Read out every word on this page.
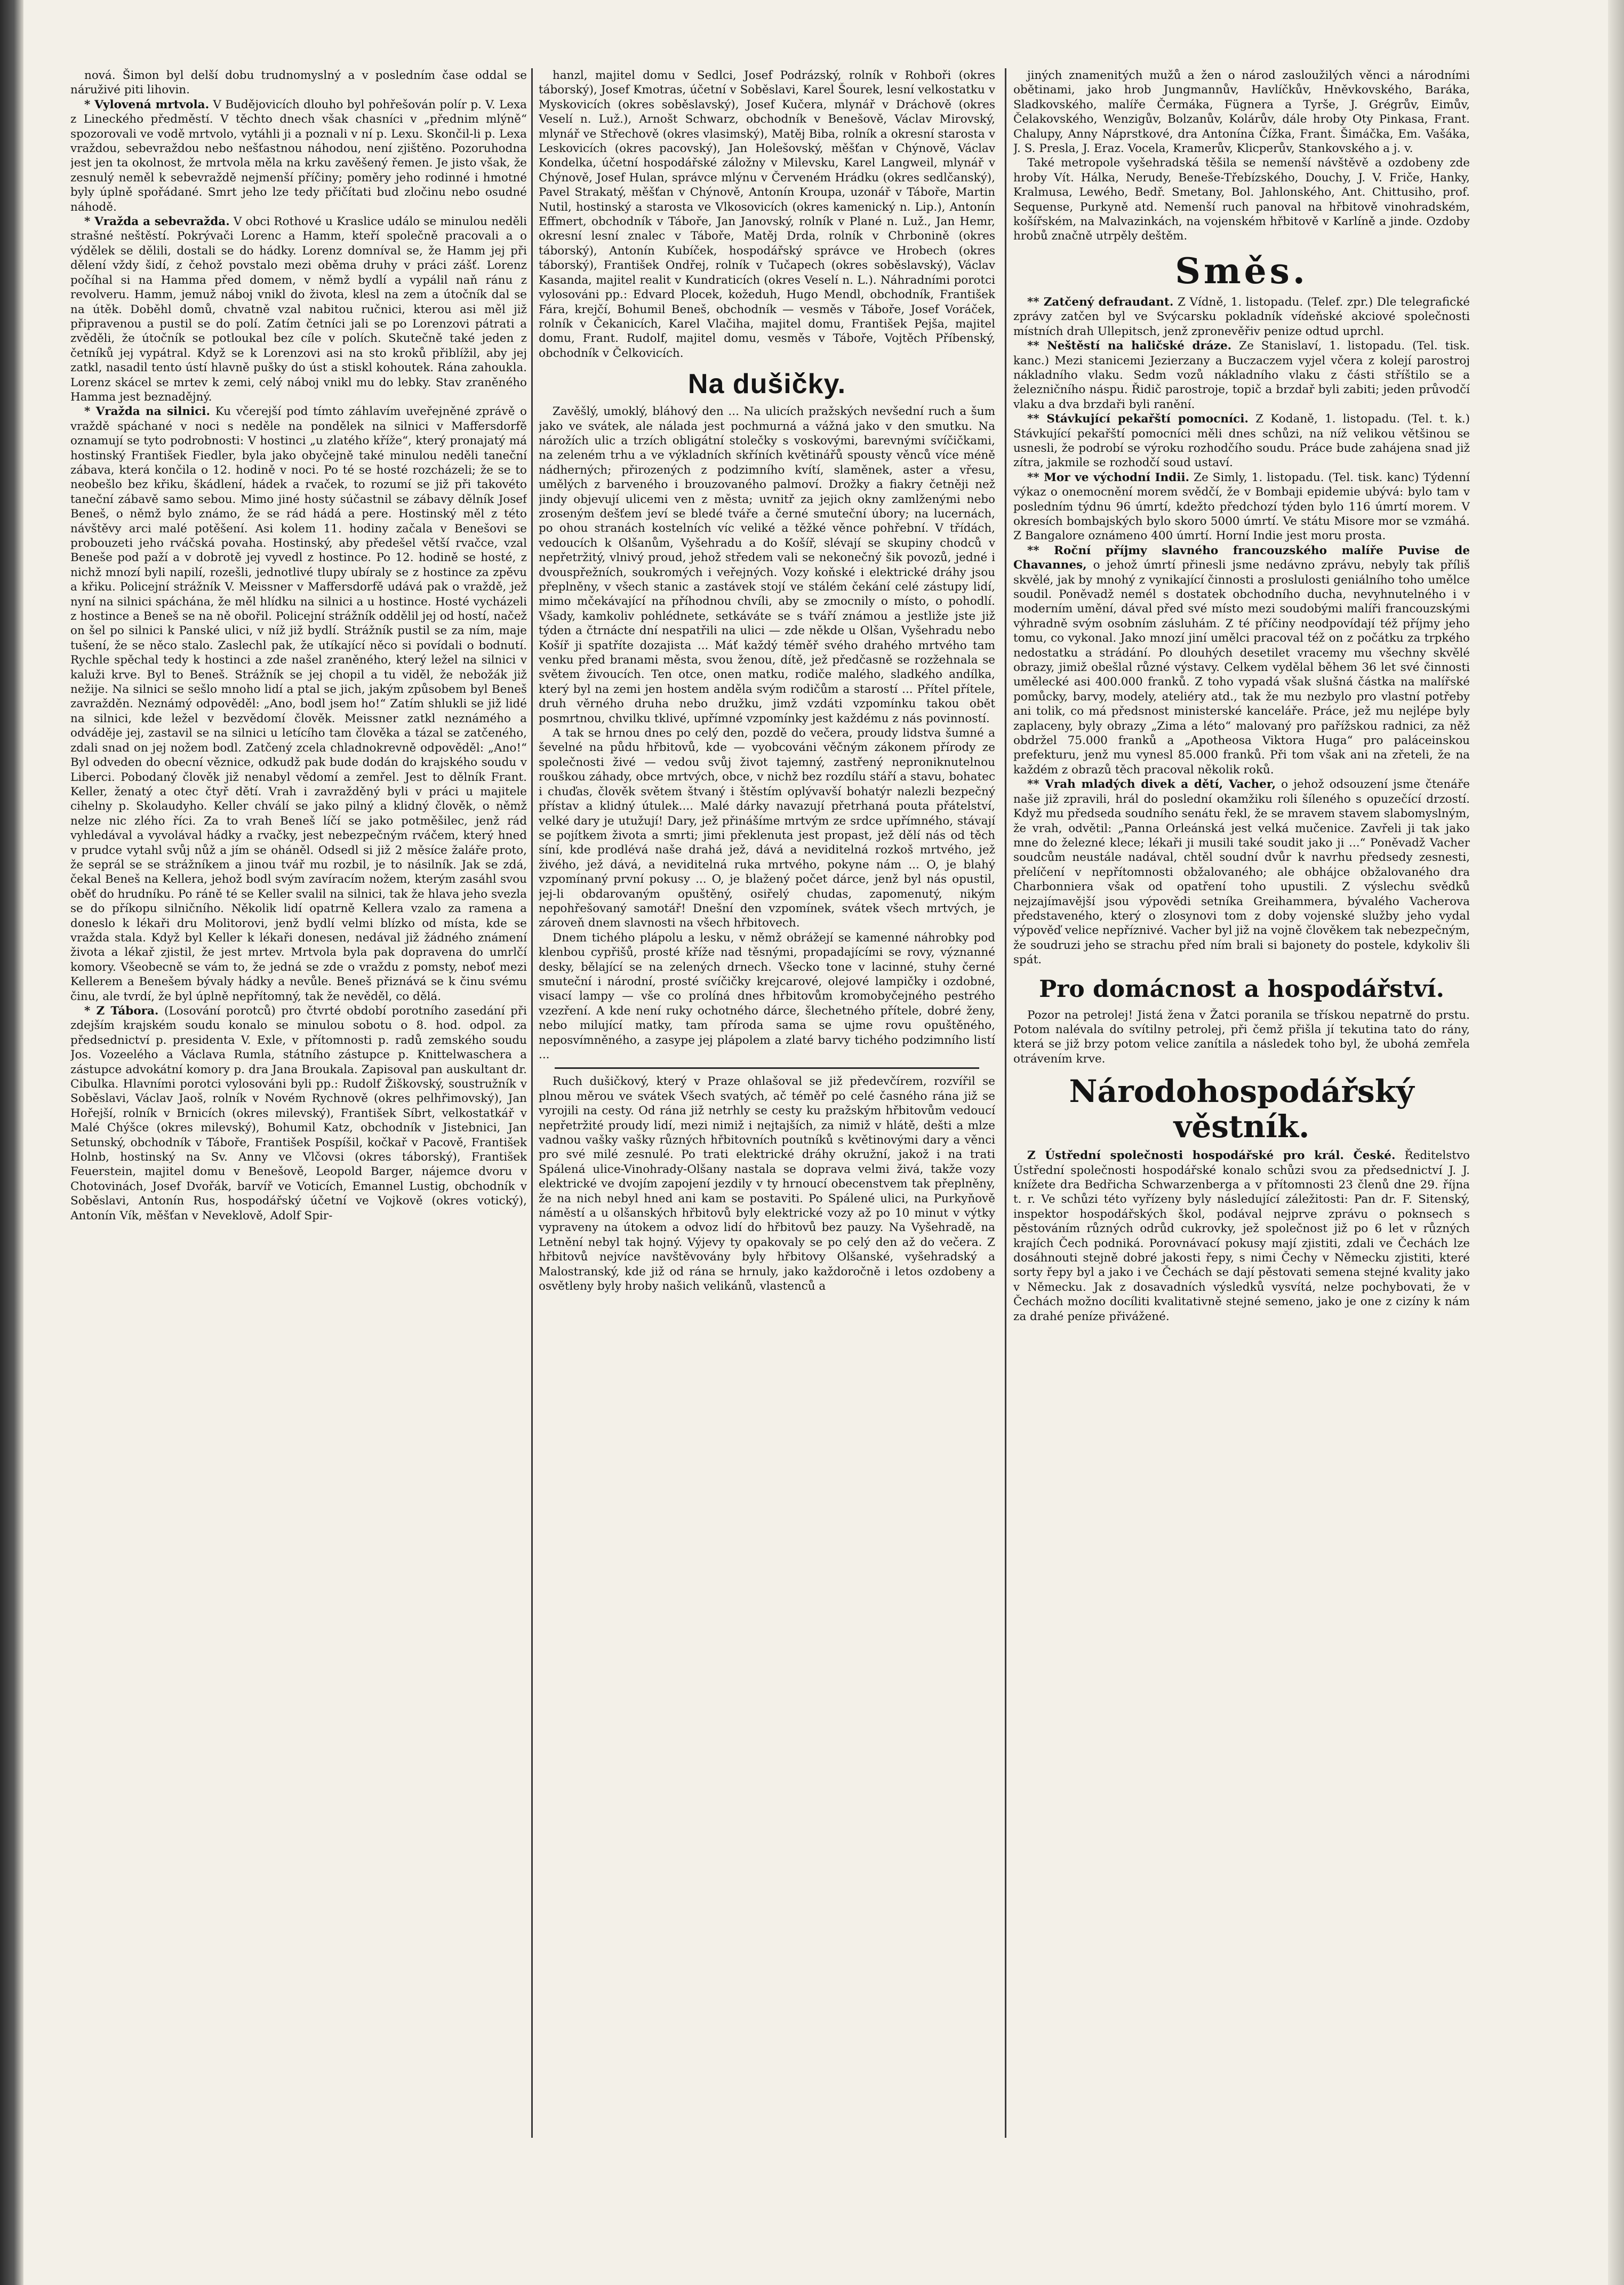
nová. Šimon byl delší dobu trudnomyslný a v posledním čase oddal se náruživé piti lihovin.

* Vylovená mrtvola. V Budějovicích dlouho byl pohřešován polír p. V. Lexa z Lineckého předměstí. V těchto dnech však chasníci v „přednim mlýně“ spozorovali ve vodě mrtvolo, vytáhli ji a poznali v ní p. Lexu. Skončil-li p. Lexa vraždou, sebevraždou nebo nešťastnou náhodou, není zjištěno. Pozoruhodna jest jen ta okolnost, že mrtvola měla na krku zavěšený řemen. Je jisto však, že zesnulý neměl k sebevraždě nejmenší příčiny; poměry jeho rodinné i hmotné byly úplně spořádané. Smrt jeho lze tedy přičítati bud zločinu nebo osudné náhodě.

* Vražda a sebevražda. V obci Rothové u Kraslice událo se minulou neděli strašné neštěstí. Pokrývači Lorenc a Hamm, kteří společně pracovali a o výdělek se dělili, dostali se do hádky. Lorenz domníval se, že Hamm jej při dělení vždy šidí, z čehož povstalo mezi oběma druhy v práci zášť. Lorenz počíhal si na Hamma před domem, v němž bydlí a vypálil naň ránu z revolveru. Hamm, jemuž náboj vnikl do života, klesl na zem a útočník dal se na útěk. Doběhl domů, chvatně vzal nabitou ručnici, kterou asi měl již připravenou a pustil se do polí. Zatím četníci jali se po Lorenzovi pátrati a zvěděli, že útočník se potloukal bez cíle v polích. Skutečně také jeden z četníků jej vypátral. Když se k Lorenzovi asi na sto kroků přiblížil, aby jej zatkl, nasadil tento ústí hlavně pušky do úst a stiskl kohoutek. Rána zahoukla. Lorenz skácel se mrtev k zemi, celý náboj vnikl mu do lebky. Stav zraněného Hamma jest beznadějný.

* Vražda na silnici. Ku včerejší pod tímto záhlavím uveřejněné zprávě o vraždě spáchané v noci s neděle na pondělek na silnici v Maffersdorfě oznamují se tyto podrobnosti: V hostinci „u zlatého kříže“, který pronajatý má hostinský František Fiedler, byla jako obyčejně také minulou neděli taneční zábava, která končila o 12. hodině v noci. Po té se hosté rozcházeli; že se to neobešlo bez křiku, škádlení, hádek a rvaček, to rozumí se již při takovéto taneční zábavě samo sebou. Mimo jiné hosty súčastnil se zábavy dělník Josef Beneš, o němž bylo známo, že se rád hádá a pere. Hostinský měl z této návštěvy arci malé potěšení. Asi kolem 11. hodiny začala v Benešovi se probouzeti jeho rváčská povaha. Hostinský, aby předešel větší rvačce, vzal Beneše pod paží a v dobrotě jej vyvedl z hostince. Po 12. hodině se hosté, z nichž mnozí byli napilí, rozešli, jednotlivé tlupy ubíraly se z hostince za zpěvu a křiku. Policejní strážník V. Meissner v Maffersdorfě udává pak o vraždě, jež nyní na silnici spáchána, že měl hlídku na silnici a u hostince. Hosté vycházeli z hostince a Beneš se na ně obořil. Policejní strážník oddělil jej od hostí, načež on šel po silnici k Panské ulici, v níž již bydlí. Strážník pustil se za ním, maje tušení, že se něco stalo. Zaslechl pak, že utíkající něco si povídali o bodnutí. Rychle spěchal tedy k hostinci a zde našel zraněného, který ležel na silnici v kaluži krve. Byl to Beneš. Strážník se jej chopil a tu viděl, že nebožák již nežije. Na silnici se sešlo mnoho lidí a ptal se jich, jakým způsobem byl Beneš zavražděn. Neznámý odpověděl: „Ano, bodl jsem ho!“ Zatím shlukli se již lidé na silnici, kde ležel v bezvědomí člověk. Meissner zatkl neznámého a odváděje jej, zastavil se na silnici u letícího tam člověka a tázal se zatčeného, zdali snad on jej nožem bodl. Zatčený zcela chladnokrevně odpověděl: „Ano!“ Byl odveden do obecní věznice, odkudž pak bude dodán do krajského soudu v Liberci. Pobodaný člověk již nenabyl vědomí a zemřel. Jest to dělník Frant. Keller, ženatý a otec čtyř dětí. Vrah i zavražděný byli v práci u majitele cihelny p. Skolaudyho. Keller chválí se jako pilný a klidný člověk, o němž nelze nic zlého říci. Za to vrah Beneš líčí se jako potměšilec, jenž rád vyhledával a vyvolával hádky a rvačky, jest nebezpečným rváčem, který hned v prudce vytahl svůj nůž a jím se oháněl. Odsedl si již 2 měsíce žaláře proto, že seprál se se strážníkem a jinou tvář mu rozbil, je to násilník. Jak se zdá, čekal Beneš na Kellera, jehož bodl svým zavíracím nožem, kterým zasáhl svou oběť do hrudníku. Po ráně té se Keller svalil na silnici, tak že hlava jeho svezla se do příkopu silničního. Několik lidí opatrně Kellera vzalo za ramena a doneslo k lékaři dru Molitorovi, jenž bydlí velmi blízko od místa, kde se vražda stala. Když byl Keller k lékaři donesen, nedával již žádného známení života a lékař zjistil, že jest mrtev. Mrtvola byla pak dopravena do umrlčí komory. Všeobecně se vám to, že jedná se zde o vraždu z pomsty, neboť mezi Kellerem a Benešem bývaly hádky a nevůle. Beneš přiznává se k činu svému činu, ale tvrdí, že byl úplně nepřítomný, tak že nevěděl, co dělá.

* Z Tábora. (Losování porotců) pro čtvrté období porotního zasedání při zdejším krajském soudu konalo se minulou sobotu o 8. hod. odpol. za předsednictví p. presidenta V. Exle, v přítomnosti p. radů zemského soudu Jos. Vozeelého a Václava Rumla, státního zástupce p. Knittelwaschera a zástupce advokátní komory p. dra Jana Broukala. Zapisoval pan auskultant dr. Cibulka. Hlavními porotci vylosováni byli pp.: Rudolf Žiškovský, soustružník v Soběslavi, Václav Jaoš, rolník v Novém Rychnově (okres pelhřimovský), Jan Hořejší, rolník v Brnicích (okres milevský), František Síbrt, velkostatkář v Malé Chýšce (okres milevský), Bohumil Katz, obchodník v Jistebnici, Jan Setunský, obchodník v Táboře, František Pospíšil, kočkař v Pacově, František Holnb, hostinský na Sv. Anny ve Vlčovsi (okres táborský), František Feuerstein, majitel domu v Benešově, Leopold Barger, nájemce dvoru v Chotovinách, Josef Dvořák, barvíř ve Voticích, Emannel Lustig, obchodník v Soběslavi, Antonín Rus, hospodářský účetní ve Vojkově (okres votický), Antonín Vík, měšťan v Neveklově, Adolf Spir-

hanzl, majitel domu v Sedlci, Josef Podrázský, rolník v Rohboři (okres táborský), Josef Kmotras, účetní v Soběslavi, Karel Šourek, lesní velkostatku v Myskovicích (okres soběslavský), Josef Kučera, mlynář v Dráchově (okres Veselí n. Luž.), Arnošt Schwarz, obchodník v Benešově, Václav Mirovský, mlynář ve Střechově (okres vlasimský), Matěj Biba, rolník a okresní starosta v Leskovicích (okres pacovský), Jan Holešovský, měšťan v Chýnově, Václav Kondelka, účetní hospodářské záložny v Milevsku, Karel Langweil, mlynář v Chýnově, Josef Hulan, správce mlýnu v Červeném Hrádku (okres sedlčanský), Pavel Strakatý, měšťan v Chýnově, Antonín Kroupa, uzonář v Táboře, Martin Nutil, hostinský a starosta ve Vlkosovicích (okres kamenický n. Lip.), Antonín Effmert, obchodník v Táboře, Jan Janovský, rolník v Plané n. Luž., Jan Hemr, okresní lesní znalec v Táboře, Matěj Drda, rolník v Chrbonině (okres táborský), Antonín Kubíček, hospodářský správce ve Hrobech (okres táborský), František Ondřej, rolník v Tučapech (okres soběslavský), Václav Kasanda, majitel realit v Kundraticích (okres Veselí n. L.). Náhradními porotci vylosováni pp.: Edvard Plocek, kožeduh, Hugo Mendl, obchodník, František Fára, krejčí, Bohumil Beneš, obchodník — vesměs v Táboře, Josef Voráček, rolník v Čekanicích, Karel Vlačiha, majitel domu, František Pejša, majitel domu, Frant. Rudolf, majitel domu, vesměs v Táboře, Vojtěch Příbenský, obchodník v Čelkovicích.

Na dušičky.

Zavěšlý, umoklý, bláhový den ... Na ulicích pražských nevšední ruch a šum jako ve svátek, ale nálada jest pochmurná a vážná jako v den smutku. Na nárožích ulic a trzích obligátní stolečky s voskovými, barevnými svíčičkami, na zeleném trhu a ve výkladních skříních květinářů spousty věnců více méně nádherných; přirozených z podzimního kvítí, slaměnek, aster a vřesu, umělých z barveného i brouzovaného palmoví. Drožky a fiakry četněji než jindy objevují ulicemi ven z města; uvnitř za jejich okny zamlženými nebo zroseným dešťem jeví se bledé tváře a černé smuteční úbory; na lucernách, po ohou stranách kostelních víc veliké a těžké věnce pohřební. V třídách, vedoucích k Olšanům, Vyšehradu a do Košíř, slévají se skupiny chodců v nepřetržitý, vlnivý proud, jehož středem vali se nekonečný šik povozů, jedné i dvouspřežních, soukromých i veřejných. Vozy koňské i elektrické dráhy jsou přeplněny, v všech stanic a zastávek stojí ve stálém čekání celé zástupy lidí, mimo mčekávající na příhodnou chvíli, aby se zmocnily o místo, o pohodlí. Všady, kamkoliv pohlédnete, setkáváte se s tváří známou a jestliže jste již týden a čtrnácte dní nespatřili na ulici — zde někde u Olšan, Vyšehradu nebo Košíř ji spatříte dozajista ... Máť každý téměř svého drahého mrtvého tam venku před branami města, svou ženou, dítě, jež předčasně se rozžehnala se světem živoucích. Ten otce, onen matku, rodiče malého, sladkého andílka, který byl na zemi jen hostem anděla svým rodičům a starostí ... Přítel přítele, druh věrného druha nebo družku, jimž vzdáti vzpomínku takou obět posmrtnou, chvilku tklivé, upřímné vzpomínky jest každému z nás povinností.

A tak se hrnou dnes po celý den, pozdě do večera, proudy lidstva šumné a ševelné na půdu hřbitovů, kde — vyobcováni věčným zákonem přírody ze společnosti živé — vedou svůj život tajemný, zastřený neproniknutelnou rouškou záhady, obce mrtvých, obce, v nichž bez rozdílu stáří a stavu, bohatec i chuďas, člověk světem štvaný i štěstím oplývavší bohatýr nalezli bezpečný přístav a klidný útulek.... Malé dárky navazují přetrhaná pouta přátelství, velké dary je utužují! Dary, jež přinášíme mrtvým ze srdce upřímného, stávají se pojítkem života a smrti; jimi překlenuta jest propast, jež dělí nás od těch síní, kde prodlévá naše drahá jež, dává a neviditelná rozkoš mrtvého, jež živého, jež dává, a neviditelná ruka mrtvého, pokyne nám ... O, je blahý vzpomínaný první pokusy ... O, je blažený počet dárce, jenž byl nás opustil, jej-li obdarovaným opuštěný, osiřelý chudas, zapomenutý, nikým nepohřešovaný samotář! Dnešní den vzpomínek, svátek všech mrtvých, je zároveň dnem slavnosti na všech hřbitovech.

Dnem tichého plápolu a lesku, v němž obrážejí se kamenné náhrobky pod klenbou cypřišů, prosté kříže nad těsnými, propadajícími se rovy, význanné desky, bělající se na zelených drnech. Všecko tone v lacinné, stuhy černé smuteční i národní, prosté svíčičky krejcarové, olejové lampičky i ozdobné, visací lampy — vše co prolíná dnes hřbitovům kromobyčejného pestrého vzezření. A kde není ruky ochotného dárce, šlechetného přítele, dobré ženy, nebo milující matky, tam příroda sama se ujme rovu opuštěného, neposvímněného, a zasype jej plápolem a zlaté barvy tichého podzimního listí ...

Ruch dušičkový, který v Praze ohlašoval se již předevčírem, rozvířil se plnou měrou ve svátek Všech svatých, ač téměř po celé časného rána již se vyrojili na cesty. Od rána již netrhly se cesty ku pražským hřbitovům vedoucí nepřetržité proudy lidí, mezi nimiž i nejtajších, za nimiž v hlátě, dešti a mlze vadnou vašky vašky různých hřbitovních poutníků s květinovými dary a věnci pro své milé zesnulé. Po trati elektrické dráhy okružní, jakož i na trati Spálená ulice-Vinohrady-Olšany nastala se doprava velmi živá, takže vozy elektrické ve dvojím zapojení jezdily v ty hrnoucí obecenstvem tak přeplněny, že na nich nebyl hned ani kam se postaviti. Po Spálené ulici, na Purkyňově náměstí a u olšanských hřbitovů byly elektrické vozy až po 10 minut v výtky vypraveny na útokem a odvoz lidí do hřbitovů bez pauzy. Na Vyšehradě, na Letnění nebyl tak hojný. Výjevy ty opakovaly se po celý den až do večera. Z hřbitovů nejvíce navštěvovány byly hřbitovy Olšanské, vyšehradský a Malostranský, kde již od rána se hrnuly, jako každoročně i letos ozdobeny a osvětleny byly hroby našich velikánů, vlastenců a

jiných znamenitých mužů a žen o národ zasloužilých věnci a národními obětinami, jako hrob Jungmannův, Havlíčkův, Hněvkovského, Baráka, Sladkovského, malíře Čermáka, Fügnera a Tyrše, J. Grégrův, Eimův, Čelakovského, Wenzigův, Bolzanův, Kolárův, dále hroby Oty Pinkasa, Frant. Chalupy, Anny Náprstkové, dra Antonína Čížka, Frant. Šimáčka, Em. Vašáka, J. S. Presla, J. Eraz. Vocela, Kramerův, Klicperův, Stankovského a j. v.

Také metropole vyšehradská těšila se nemenší návštěvě a ozdobeny zde hroby Vít. Hálka, Nerudy, Beneše-Třebízského, Douchy, J. V. Friče, Hanky, Kralmusa, Lewého, Bedř. Smetany, Bol. Jahlonského, Ant. Chittusiho, prof. Sequense, Purkyně atd. Nemenší ruch panoval na hřbitově vinohradském, košířském, na Malvazinkách, na vojenském hřbitově v Karlíně a jinde. Ozdoby hrobů značně utrpěly deštěm.

Směs.

** Zatčený defraudant. Z Vídně, 1. listopadu. (Telef. zpr.) Dle telegrafické zprávy zatčen byl ve Svýcarsku pokladník vídeňské akciové společnosti místních drah Ullepitsch, jenž zpronevěřiv penize odtud uprchl.

** Neštěstí na haličské dráze. Ze Stanislaví, 1. listopadu. (Tel. tisk. kanc.) Mezi stanicemi Jezierzany a Buczaczem vyjel včera z kolejí parostroj nákladního vlaku. Sedm vozů nákladního vlaku z části stříštilo se a železničního náspu. Řidič parostroje, topič a brzdař byli zabiti; jeden průvodčí vlaku a dva brzdaři byli ranění.

** Stávkující pekařští pomocníci. Z Kodaně, 1. listopadu. (Tel. t. k.) Stávkující pekařští pomocníci měli dnes schůzi, na níž velikou většinou se usnesli, že podrobí se výroku rozhodčího soudu. Práce bude zahájena snad již zítra, jakmile se rozhodčí soud ustaví.

** Mor ve východní Indii. Ze Simly, 1. listopadu. (Tel. tisk. kanc) Týdenní výkaz o onemocnění morem svědčí, že v Bombaji epidemie ubývá: bylo tam v posledním týdnu 96 úmrtí, kdežto předchozí týden bylo 116 úmrtí morem. V okresích bombajských bylo skoro 5000 úmrtí. Ve státu Misore mor se vzmáhá. Z Bangalore oznámeno 400 úmrtí. Horní Indie jest moru prosta.

** Roční příjmy slavného francouzského malíře Puvise de Chavannes, o jehož úmrtí přinesli jsme nedávno zprávu, nebyly tak příliš skvělé, jak by mnohý z vynikající činnosti a proslulosti geniálního toho umělce soudil. Poněvadž nemél s dostatek obchodního ducha, nevyhnutelného i v moderním umění, dával před své místo mezi soudobými malíři francouzskými výhradně svým osobním zásluhám. Z té příčiny neodpovídají též příjmy jeho tomu, co vykonal. Jako mnozí jiní umělci pracoval též on z počátku za trpkého nedostatku a strádání. Po dlouhých desetilet vracemy mu všechny skvělé obrazy, jimiž obešlal různé výstavy. Celkem vydělal během 36 let své činnosti umělecké asi 400.000 franků. Z toho vypadá však slušná částka na malířské pomůcky, barvy, modely, ateliéry atd., tak že mu nezbylo pro vlastní potřeby ani tolik, co má předsnost ministerské kanceláře. Práce, jež mu nejlépe byly zaplaceny, byly obrazy „Zima a léto“ malovaný pro pařížskou radnici, za něž obdržel 75.000 franků a „Apotheosa Viktora Huga“ pro paláceinskou prefekturu, jenž mu vynesl 85.000 franků. Při tom však ani na zřeteli, že na každém z obrazů těch pracoval několik roků.

** Vrah mladých divek a dětí, Vacher, o jehož odsouzení jsme čtenáře naše již zpravili, hrál do poslední okamžiku roli šíleného s opuzečící drzostí. Když mu předseda soudního senátu řekl, že se mravem stavem slabomyslným, že vrah, odvětil: „Panna Orleánská jest velká mučenice. Zavřeli ji tak jako mne do železné klece; lékaři ji musili také soudit jako ji ...“ Poněvadž Vacher soudcům neustále nadával, chtěl soudní dvůr k navrhu předsedy zesnesti, přelíčení v nepřítomnosti obžalovaného; ale obhájce obžalovaného dra Charbonniera však od opatření toho upustili. Z výslechu svědků nejzajímavější jsou výpovědi setníka Greihammera, bývalého Vacherova představeného, který o zlosynovi tom z doby vojenské služby jeho vydal výpověď velice nepříznivé. Vacher byl již na vojně člověkem tak nebezpečným, že soudruzi jeho se strachu před ním brali si bajonety do postele, kdykoliv šli spát.

Pro domácnost a hospodářství.

Pozor na petrolej! Jistá žena v Žatci poranila se třískou nepatrně do prstu. Potom nalévala do svítilny petrolej, při čemž přišla jí tekutina tato do rány, která se již brzy potom velice zanítila a následek toho byl, že ubohá zemřela otrávením krve.

Národohospodářský věstník.

Z Ústřední společnosti hospodářské pro král. České. Ředitelstvo Ústřední společnosti hospodářské konalo schůzi svou za předsednictví J. J. knížete dra Bedřicha Schwarzenberga a v přítomnosti 23 členů dne 29. října t. r. Ve schůzi této vyřízeny byly následující záležitosti: Pan dr. F. Sitenský, inspektor hospodářských škol, podával nejprve zprávu o poknsech s pěstováním různých odrůd cukrovky, jež společnost již po 6 let v různých krajích Čech podniká. Porovnávací pokusy mají zjistiti, zdali ve Čechách lze dosáhnouti stejně dobré jakosti řepy, s nimi Čechy v Německu zjistiti, které sorty řepy byl a jako i ve Čechách se dají pěstovati semena stejné kvality jako v Německu. Jak z dosavadních výsledků vysvítá, nelze pochybovati, že v Čechách možno docíliti kvalitativně stejné semeno, jako je one z cizíny k nám za drahé peníze přivážené.
